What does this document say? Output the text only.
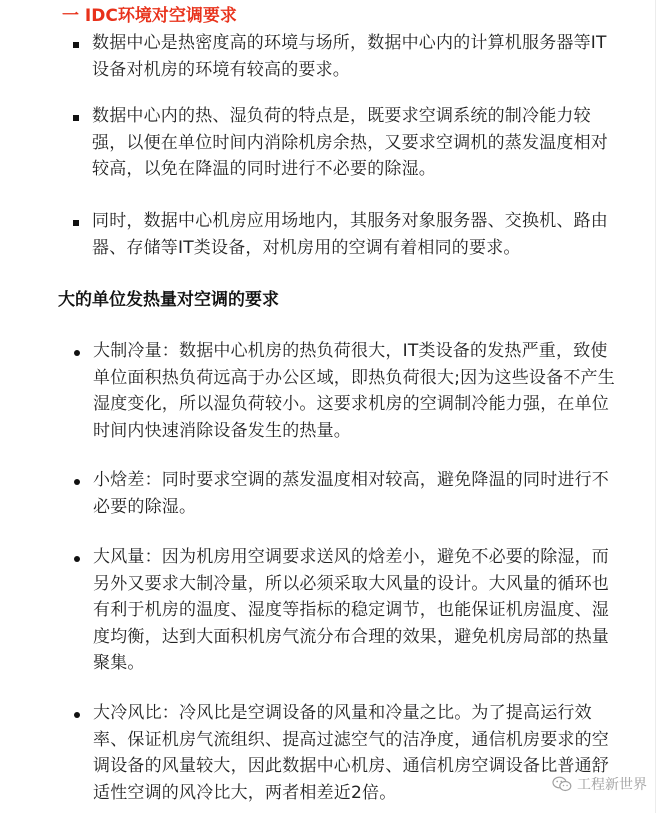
一 IDC环境对空调要求
数据中心是热密度高的环境与场所，数据中心内的计算机服务器等IT设备对机房的环境有较高的要求。
数据中心内的热、湿负荷的特点是，既要求空调系统的制冷能力较强，以便在单位时间内消除机房余热，又要求空调机的蒸发温度相对较高，以免在降温的同时进行不必要的除湿。
同时，数据中心机房应用场地内，其服务对象服务器、交换机、路由器、存储等IT类设备，对机房用的空调有着相同的要求。
大的单位发热量对空调的要求
大制冷量：数据中心机房的热负荷很大，IT类设备的发热严重，致使单位面积热负荷远高于办公区域，即热负荷很大;因为这些设备不产生湿度变化，所以湿负荷较小。这要求机房的空调制冷能力强，在单位时间内快速消除设备发生的热量。
小焓差：同时要求空调的蒸发温度相对较高，避免降温的同时进行不必要的除湿。
大风量：因为机房用空调要求送风的焓差小，避免不必要的除湿，而另外又要求大制冷量，所以必须采取大风量的设计。大风量的循环也有利于机房的温度、湿度等指标的稳定调节，也能保证机房温度、湿度均衡，达到大面积机房气流分布合理的效果，避免机房局部的热量聚集。
大冷风比：冷风比是空调设备的风量和冷量之比。为了提高运行效率、保证机房气流组织、提高过滤空气的洁净度，通信机房要求的空调设备的风量较大，因此数据中心机房、通信机房空调设备比普通舒适性空调的风冷比大，两者相差近2倍。	工程新世界
